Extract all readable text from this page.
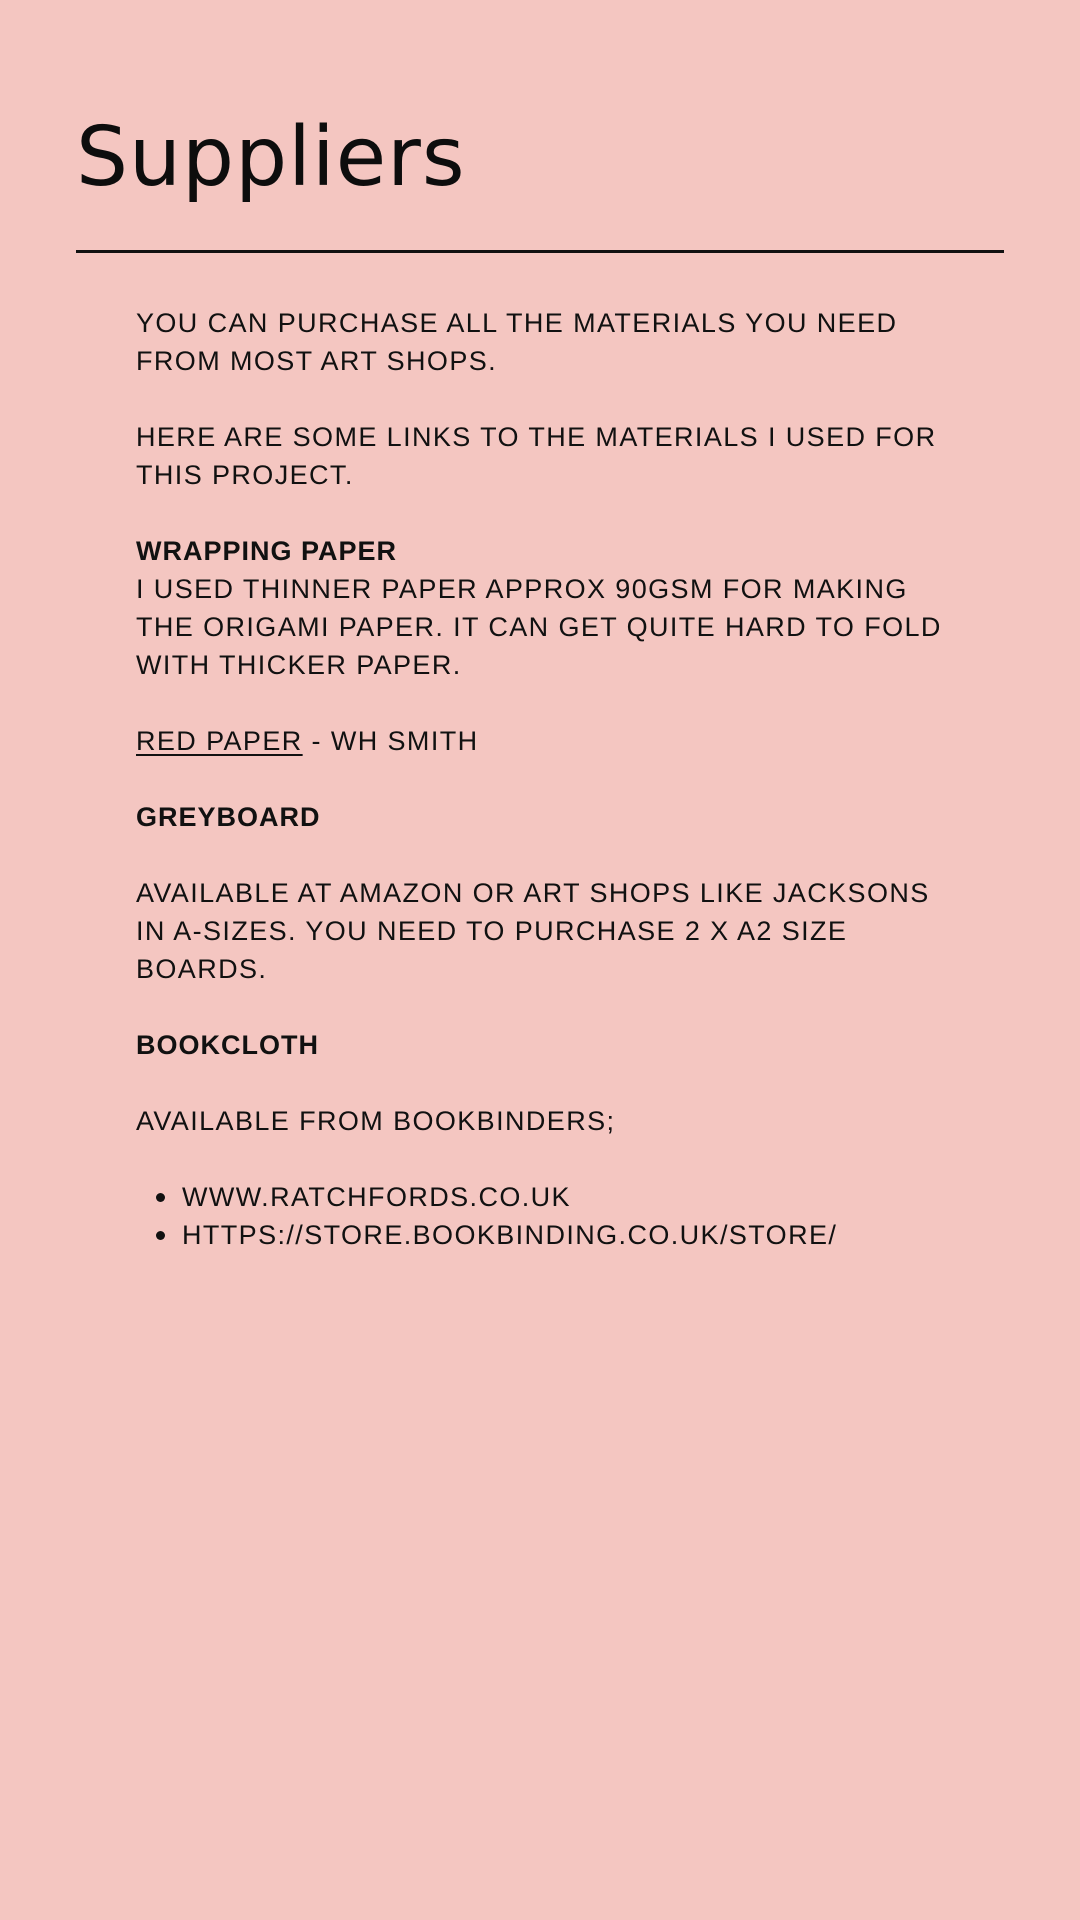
Suppliers

YOU CAN PURCHASE ALL THE MATERIALS YOU NEED FROM MOST ART SHOPS.

HERE ARE SOME LINKS TO THE MATERIALS I USED FOR THIS PROJECT.

WRAPPING PAPER

I USED THINNER PAPER APPROX 90GSM FOR MAKING THE ORIGAMI PAPER. IT CAN GET QUITE HARD TO FOLD WITH THICKER PAPER.

RED PAPER - WH SMITH

GREYBOARD

AVAILABLE AT AMAZON OR ART SHOPS LIKE JACKSONS IN A-SIZES. YOU NEED TO PURCHASE 2 X A2 SIZE BOARDS.

BOOKCLOTH

AVAILABLE FROM BOOKBINDERS;

WWW.RATCHFORDS.CO.UK
HTTPS://STORE.BOOKBINDING.CO.UK/STORE/
